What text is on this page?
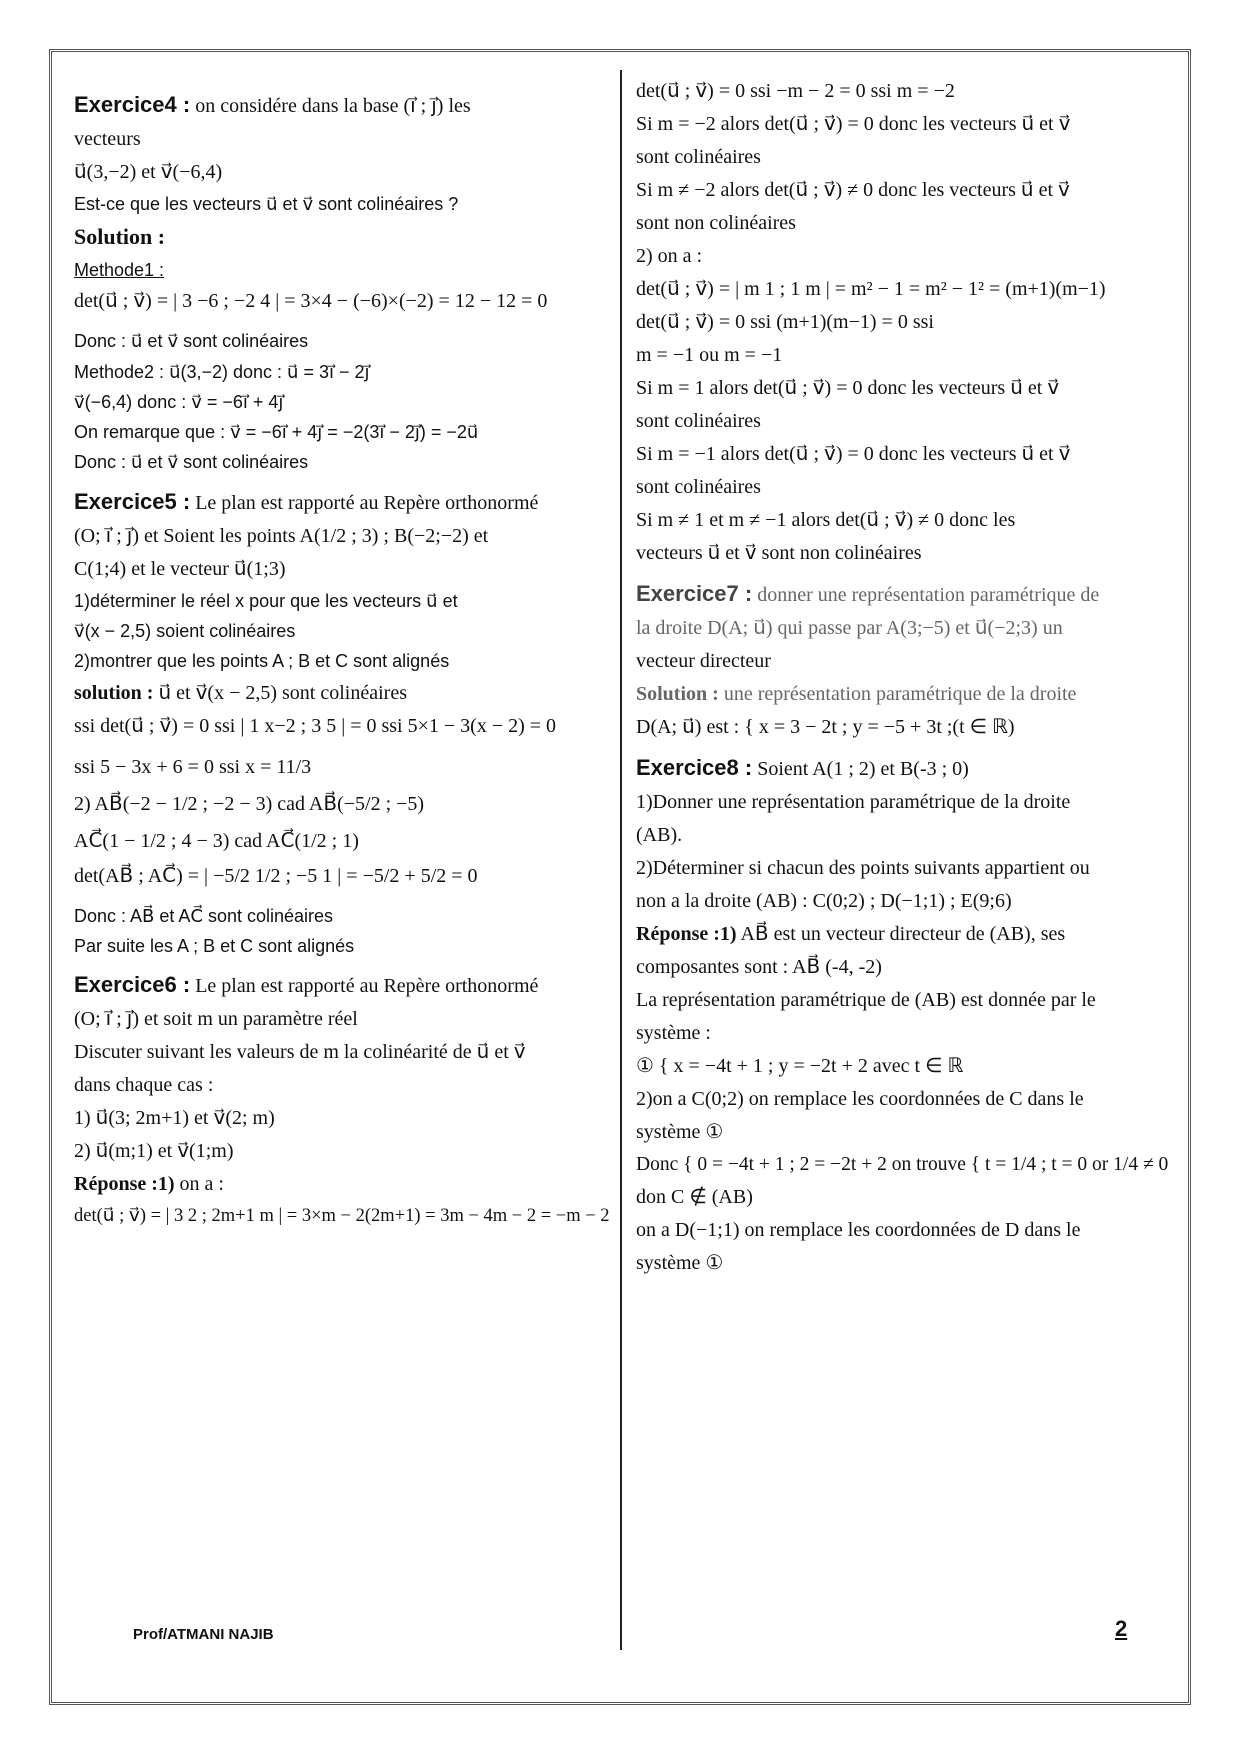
Exercice4 : on considére dans la base (i⃗ ; j⃗) les
vecteurs
u⃗(3,−2) et v⃗(−6,4)
Est-ce que les vecteurs u⃗ et v⃗ sont colinéaires ?
Solution :
Methode1 :
det(u⃗ ; v⃗) = | 3 −6 ; −2 4 | = 3×4 − (−6)×(−2) = 12 − 12 = 0
Donc : u⃗ et v⃗ sont colinéaires
Methode2 : u⃗(3,−2) donc : u⃗ = 3i⃗ − 2j⃗
v⃗(−6,4) donc : v⃗ = −6i⃗ + 4j⃗
On remarque que : v⃗ = −6i⃗ + 4j⃗ = −2(3i⃗ − 2j⃗) = −2u⃗
Donc : u⃗ et v⃗ sont colinéaires
Exercice5 : Le plan est rapporté au Repère orthonormé
(O; i⃗ ; j⃗) et Soient les points A(1/2 ; 3) ; B(−2;−2) et
C(1;4) et le vecteur u⃗(1;3)
1)déterminer le réel x pour que les vecteurs u⃗ et
v⃗(x − 2,5) soient colinéaires
2)montrer que les points A ; B et C sont alignés
solution : u⃗ et v⃗(x − 2,5) sont colinéaires
ssi det(u⃗ ; v⃗) = 0 ssi | 1 x−2 ; 3 5 | = 0 ssi 5×1 − 3(x − 2) = 0
ssi 5 − 3x + 6 = 0 ssi x = 11/3
2) AB⃗(−2 − 1/2 ; −2 − 3) cad AB⃗(−5/2 ; −5)
AC⃗(1 − 1/2 ; 4 − 3) cad AC⃗(1/2 ; 1)
det(AB⃗ ; AC⃗) = | −5/2 1/2 ; −5 1 | = −5/2 + 5/2 = 0
Donc : AB⃗ et AC⃗ sont colinéaires
Par suite les A ; B et C sont alignés
Exercice6 : Le plan est rapporté au Repère orthonormé
(O; i⃗ ; j⃗) et soit m un paramètre réel
Discuter suivant les valeurs de m la colinéarité de u⃗ et v⃗
dans chaque cas :
1) u⃗(3; 2m+1) et v⃗(2; m)
2) u⃗(m;1) et v⃗(1;m)
Réponse :1) on a :
det(u⃗ ; v⃗) = | 3 2 ; 2m+1 m | = 3×m − 2(2m+1) = 3m − 4m − 2 = −m − 2
det(u⃗ ; v⃗) = 0 ssi −m − 2 = 0 ssi m = −2
Si m = −2 alors det(u⃗ ; v⃗) = 0 donc les vecteurs u⃗ et v⃗
sont colinéaires
Si m ≠ −2 alors det(u⃗ ; v⃗) ≠ 0 donc les vecteurs u⃗ et v⃗
sont non colinéaires
2) on a :
det(u⃗ ; v⃗) = | m 1 ; 1 m | = m² − 1 = m² − 1² = (m+1)(m−1)
det(u⃗ ; v⃗) = 0 ssi (m+1)(m−1) = 0 ssi
m = −1 ou m = −1
Si m = 1 alors det(u⃗ ; v⃗) = 0 donc les vecteurs u⃗ et v⃗
sont colinéaires
Si m = −1 alors det(u⃗ ; v⃗) = 0 donc les vecteurs u⃗ et v⃗
sont colinéaires
Si m ≠ 1 et m ≠ −1 alors det(u⃗ ; v⃗) ≠ 0 donc les
vecteurs u⃗ et v⃗ sont non colinéaires
Exercice7 : donner une représentation paramétrique de
la droite D(A; u⃗) qui passe par A(3;−5) et u⃗(−2;3) un
vecteur directeur
Solution : une représentation paramétrique de la droite
D(A; u⃗) est : { x = 3 − 2t ; y = −5 + 3t ;(t ∈ ℝ)
Exercice8 : Soient A(1 ; 2) et B(-3 ; 0)
1)Donner une représentation paramétrique de la droite
(AB).
2)Déterminer si chacun des points suivants appartient ou
non a la droite (AB) : C(0;2) ; D(−1;1) ; E(9;6)
Réponse :1) AB⃗ est un vecteur directeur de (AB), ses
composantes sont : AB⃗ (-4, -2)
La représentation paramétrique de (AB) est donnée par le
système :
① { x = −4t + 1 ; y = −2t + 2 avec t ∈ ℝ
2)on a C(0;2) on remplace les coordonnées de C dans le
système ①
Donc { 0 = −4t + 1 ; 2 = −2t + 2 on trouve { t = 1/4 ; t = 0 or 1/4 ≠ 0
don C ∉ (AB)
on a D(−1;1) on remplace les coordonnées de D dans le
système ①
Prof/ATMANI NAJIB	2
